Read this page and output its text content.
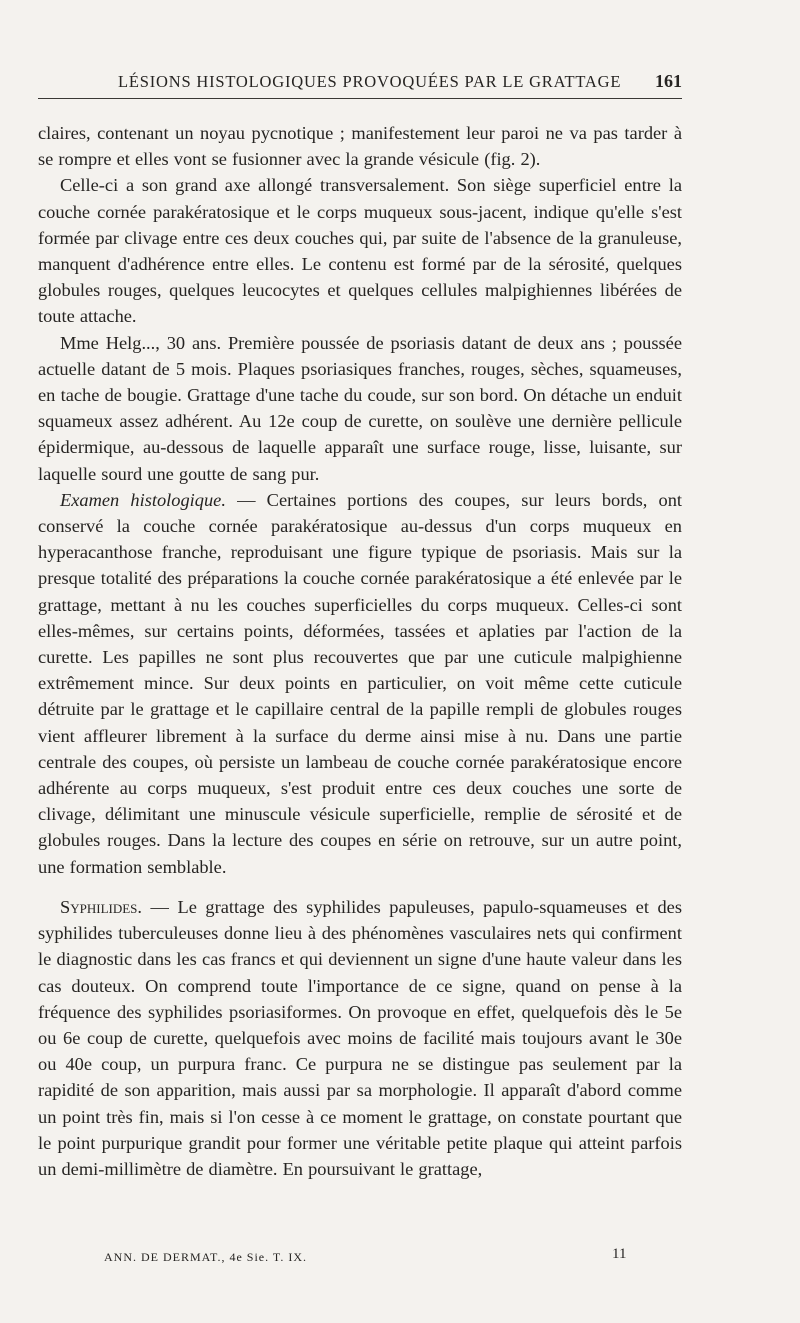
LÉSIONS HISTOLOGIQUES PROVOQUÉES PAR LE GRATTAGE 161

claires, contenant un noyau pycnotique ; manifestement leur paroi ne va pas tarder à se rompre et elles vont se fusionner avec la grande vésicule (fig. 2).

Celle-ci a son grand axe allongé transversalement. Son siège superficiel entre la couche cornée parakératosique et le corps muqueux sous-jacent, indique qu'elle s'est formée par clivage entre ces deux couches qui, par suite de l'absence de la granuleuse, manquent d'adhérence entre elles. Le contenu est formé par de la sérosité, quelques globules rouges, quelques leucocytes et quelques cellules malpighiennes libérées de toute attache.

Mme Helg..., 30 ans. Première poussée de psoriasis datant de deux ans ; poussée actuelle datant de 5 mois. Plaques psoriasiques franches, rouges, sèches, squameuses, en tache de bougie. Grattage d'une tache du coude, sur son bord. On détache un enduit squameux assez adhérent. Au 12e coup de curette, on soulève une dernière pellicule épidermique, au-dessous de laquelle apparaît une surface rouge, lisse, luisante, sur laquelle sourd une goutte de sang pur.

Examen histologique. — Certaines portions des coupes, sur leurs bords, ont conservé la couche cornée parakératosique au-dessus d'un corps muqueux en hyperacanthose franche, reproduisant une figure typique de psoriasis. Mais sur la presque totalité des préparations la couche cornée parakératosique a été enlevée par le grattage, mettant à nu les couches superficielles du corps muqueux. Celles-ci sont elles-mêmes, sur certains points, déformées, tassées et aplaties par l'action de la curette. Les papilles ne sont plus recouvertes que par une cuticule malpighienne extrêmement mince. Sur deux points en particulier, on voit même cette cuticule détruite par le grattage et le capillaire central de la papille rempli de globules rouges vient affleurer librement à la surface du derme ainsi mise à nu. Dans une partie centrale des coupes, où persiste un lambeau de couche cornée parakératosique encore adhérente au corps muqueux, s'est produit entre ces deux couches une sorte de clivage, délimitant une minuscule vésicule superficielle, remplie de sérosité et de globules rouges. Dans la lecture des coupes en série on retrouve, sur un autre point, une formation semblable.

Syphilides. — Le grattage des syphilides papuleuses, papulo-squameuses et des syphilides tuberculeuses donne lieu à des phénomènes vasculaires nets qui confirment le diagnostic dans les cas francs et qui deviennent un signe d'une haute valeur dans les cas douteux. On comprend toute l'importance de ce signe, quand on pense à la fréquence des syphilides psoriasiformes. On provoque en effet, quelquefois dès le 5e ou 6e coup de curette, quelquefois avec moins de facilité mais toujours avant le 30e ou 40e coup, un purpura franc. Ce purpura ne se distingue pas seulement par la rapidité de son apparition, mais aussi par sa morphologie. Il apparaît d'abord comme un point très fin, mais si l'on cesse à ce moment le grattage, on constate pourtant que le point purpurique grandit pour former une véritable petite plaque qui atteint parfois un demi-millimètre de diamètre. En poursuivant le grattage,

ANN. DE DERMAT., 4e Sie. T. IX.	11
